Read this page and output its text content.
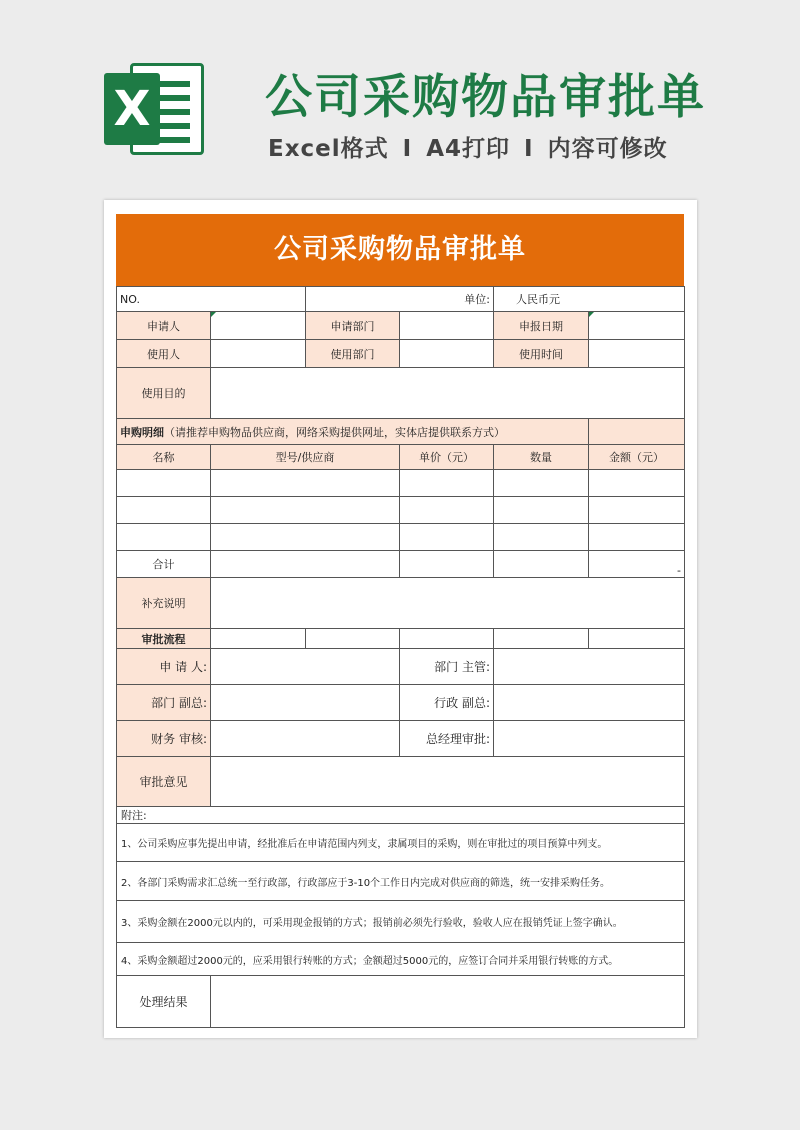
X 公司采购物品审批单
Excel格式 I A4打印 I 内容可修改
公司采购物品审批单
NO.		单位:		人民币元	
申请人		申请部门		申报日期	
使用人		使用部门		使用时间	
使用目的					
申购明细（请推荐申购物品供应商，网络采购提供网址，实体店提供联系方式）					
名称	型号/供应商		单价（元）	数量	金额（元）

合计					-
补充说明					
审批流程					
申 请 人:			部门 主管:		
部门 副总:			行政 副总:		
财务 审核:			总经理审批:		
审批意见					
附注:					
1、公司采购应事先提出申请，经批准后在申请范围内列支，隶属项目的采购，则在审批过的项目预算中列支。					
2、各部门采购需求汇总统一至行政部，行政部应于3-10个工作日内完成对供应商的筛选，统一安排采购任务。					
3、采购金额在2000元以内的，可采用现金报销的方式；报销前必须先行验收，验收人应在报销凭证上签字确认。					
4、采购金额超过2000元的，应采用银行转账的方式；金额超过5000元的，应签订合同并采用银行转账的方式。					
处理结果					
